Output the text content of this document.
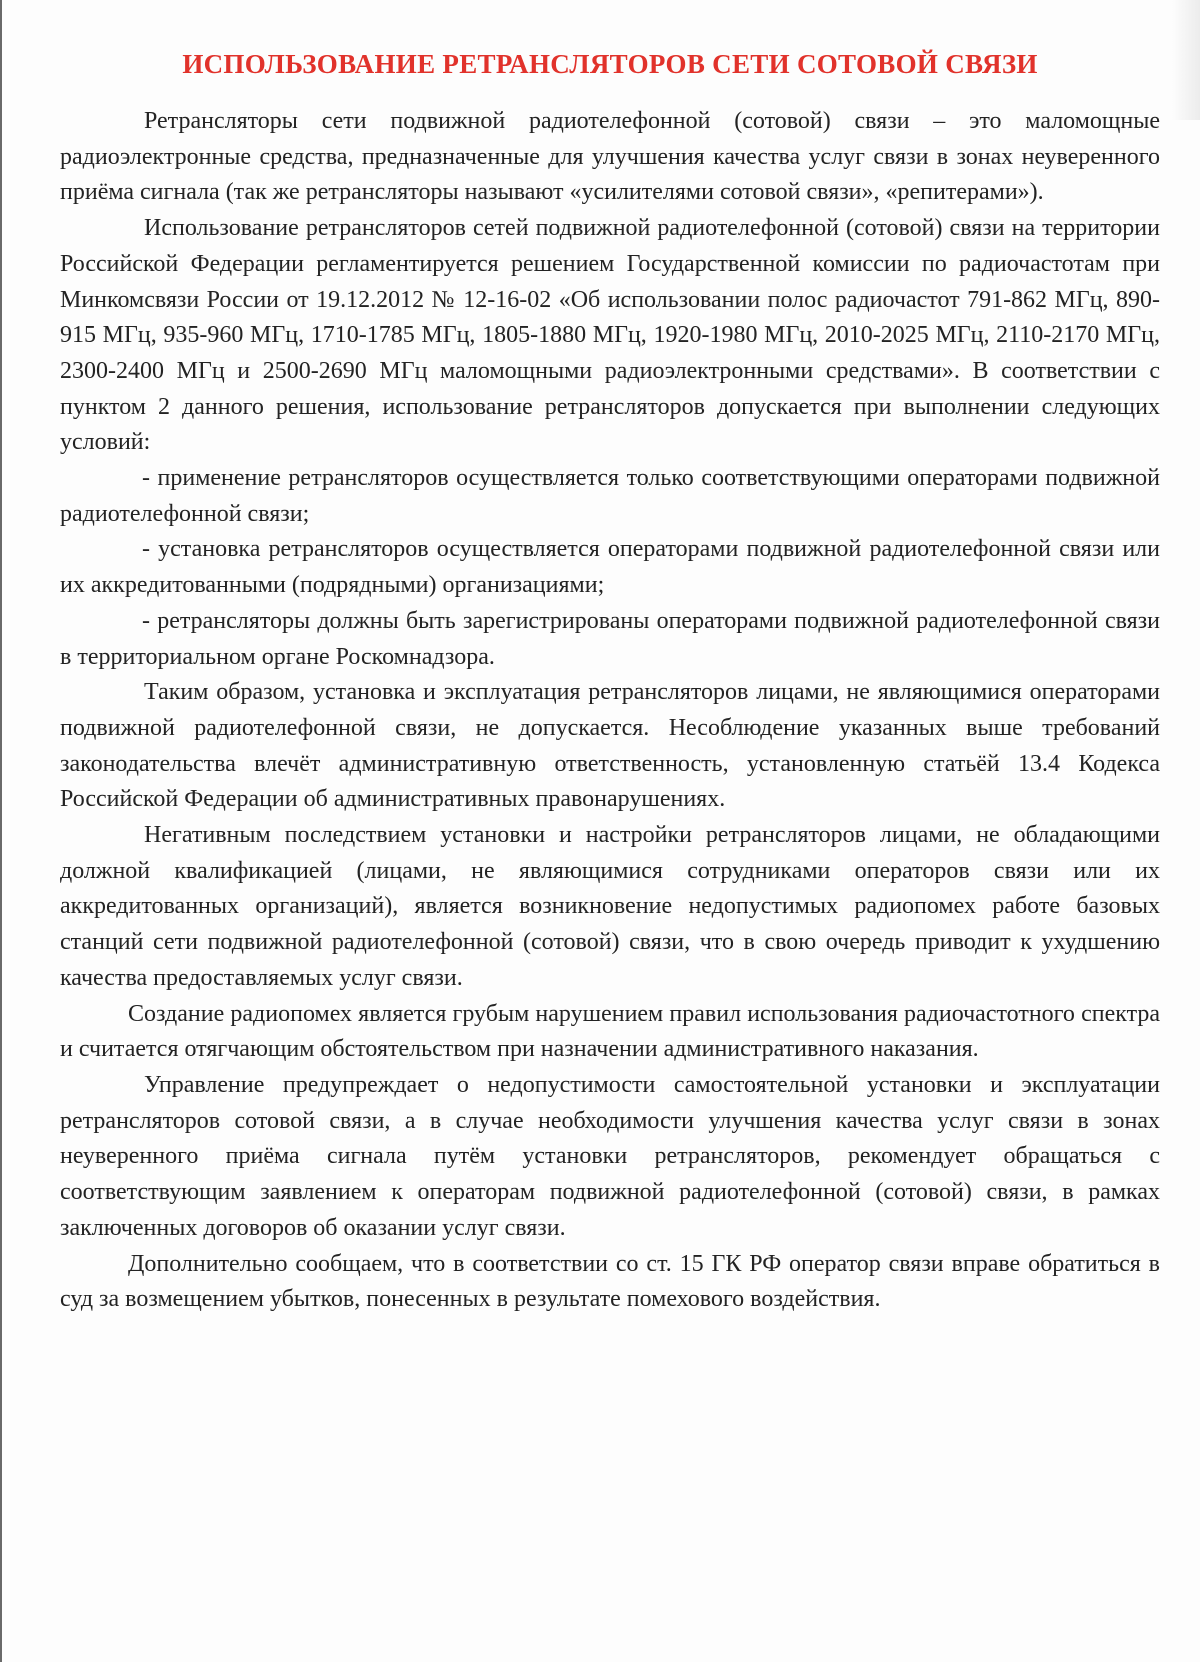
ИСПОЛЬЗОВАНИЕ РЕТРАНСЛЯТОРОВ СЕТИ СОТОВОЙ СВЯЗИ

Ретрансляторы сети подвижной радиотелефонной (сотовой) связи – это маломощные радиоэлектронные средства, предназначенные для улучшения качества услуг связи в зонах неуверенного приёма сигнала (так же ретрансляторы называют «усилителями сотовой связи», «репитерами»).

Использование ретрансляторов сетей подвижной радиотелефонной (сотовой) связи на территории Российской Федерации регламентируется решением Государственной комиссии по радиочастотам при Минкомсвязи России от 19.12.2012 № 12-16-02 «Об использовании полос радиочастот 791-862 МГц, 890-915 МГц, 935-960 МГц, 1710-1785 МГц, 1805-1880 МГц, 1920-1980 МГц, 2010-2025 МГц, 2110-2170 МГц, 2300-2400 МГц и 2500-2690 МГц маломощными радиоэлектронными средствами». В соответствии с пунктом 2 данного решения, использование ретрансляторов допускается при выполнении следующих условий:

- применение ретрансляторов осуществляется только соответствующими операторами подвижной радиотелефонной связи;

- установка ретрансляторов осуществляется операторами подвижной радиотелефонной связи или их аккредитованными (подрядными) организациями;

- ретрансляторы должны быть зарегистрированы операторами подвижной радиотелефонной связи в территориальном органе Роскомнадзора.

Таким образом, установка и эксплуатация ретрансляторов лицами, не являющимися операторами подвижной радиотелефонной связи, не допускается. Несоблюдение указанных выше требований законодательства влечёт административную ответственность, установленную статьёй 13.4 Кодекса Российской Федерации об административных правонарушениях.

Негативным последствием установки и настройки ретрансляторов лицами, не обладающими должной квалификацией (лицами, не являющимися сотрудниками операторов связи или их аккредитованных организаций), является возникновение недопустимых радиопомех работе базовых станций сети подвижной радиотелефонной (сотовой) связи, что в свою очередь приводит к ухудшению качества предоставляемых услуг связи.

Создание радиопомех является грубым нарушением правил использования радиочастотного спектра и считается отягчающим обстоятельством при назначении административного наказания.

Управление предупреждает о недопустимости самостоятельной установки и эксплуатации ретрансляторов сотовой связи, а в случае необходимости улучшения качества услуг связи в зонах неуверенного приёма сигнала путём установки ретрансляторов, рекомендует обращаться с соответствующим заявлением к операторам подвижной радиотелефонной (сотовой) связи, в рамках заключенных договоров об оказании услуг связи.

Дополнительно сообщаем, что в соответствии со ст. 15 ГК РФ оператор связи вправе обратиться в суд за возмещением убытков, понесенных в результате помехового воздействия.
